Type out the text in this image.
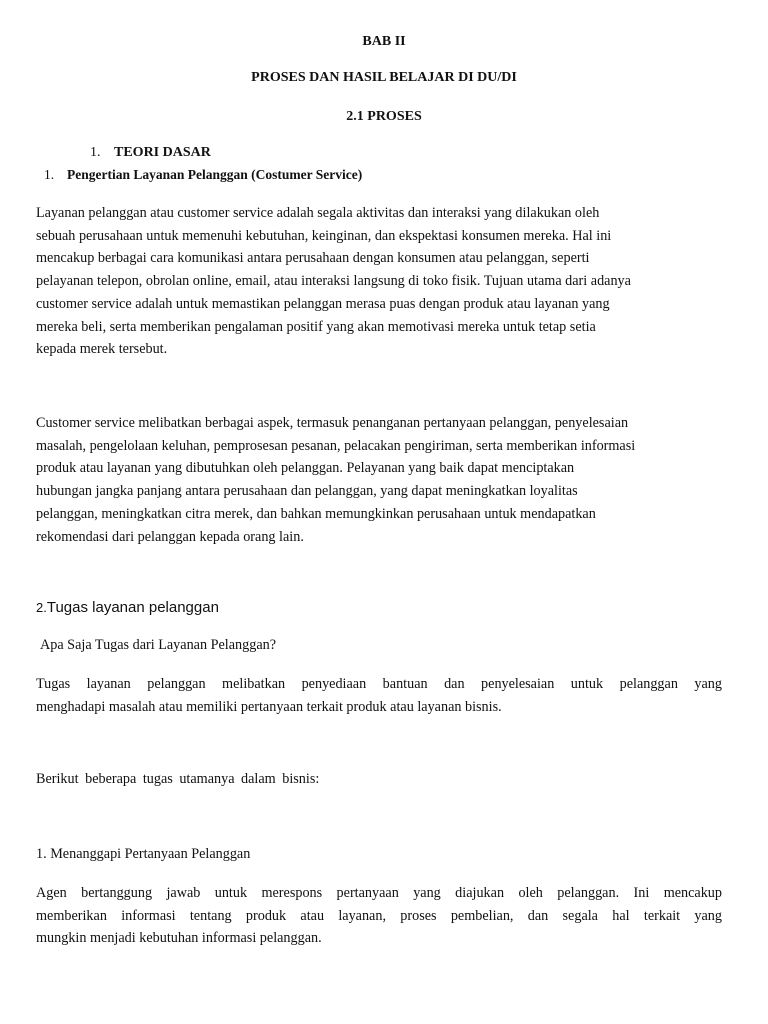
BAB II
PROSES DAN HASIL BELAJAR DI DU/DI
2.1 PROSES
1. TEORI DASAR
1. Pengertian Layanan Pelanggan (Costumer Service)

Layanan pelanggan atau customer service adalah segala aktivitas dan interaksi yang dilakukan oleh
sebuah perusahaan untuk memenuhi kebutuhan, keinginan, dan ekspektasi konsumen mereka. Hal ini
mencakup berbagai cara komunikasi antara perusahaan dengan konsumen atau pelanggan, seperti
pelayanan telepon, obrolan online, email, atau interaksi langsung di toko fisik. Tujuan utama dari adanya
customer service adalah untuk memastikan pelanggan merasa puas dengan produk atau layanan yang
mereka beli, serta memberikan pengalaman positif yang akan memotivasi mereka untuk tetap setia
kepada merek tersebut.

Customer service melibatkan berbagai aspek, termasuk penanganan pertanyaan pelanggan, penyelesaian
masalah, pengelolaan keluhan, pemprosesan pesanan, pelacakan pengiriman, serta memberikan informasi
produk atau layanan yang dibutuhkan oleh pelanggan. Pelayanan yang baik dapat menciptakan
hubungan jangka panjang antara perusahaan dan pelanggan, yang dapat meningkatkan loyalitas
pelanggan, meningkatkan citra merek, dan bahkan memungkinkan perusahaan untuk mendapatkan
rekomendasi dari pelanggan kepada orang lain.

2.Tugas layanan pelanggan

Apa Saja Tugas dari Layanan Pelanggan?

Tugas layanan pelanggan melibatkan penyediaan bantuan dan penyelesaian untuk pelanggan yang
menghadapi masalah atau memiliki pertanyaan terkait produk atau layanan bisnis.

Berikut beberapa tugas utamanya dalam bisnis:

1. Menanggapi Pertanyaan Pelanggan

Agen bertanggung jawab untuk merespons pertanyaan yang diajukan oleh pelanggan. Ini mencakup
memberikan informasi tentang produk atau layanan, proses pembelian, dan segala hal terkait yang
mungkin menjadi kebutuhan informasi pelanggan.
